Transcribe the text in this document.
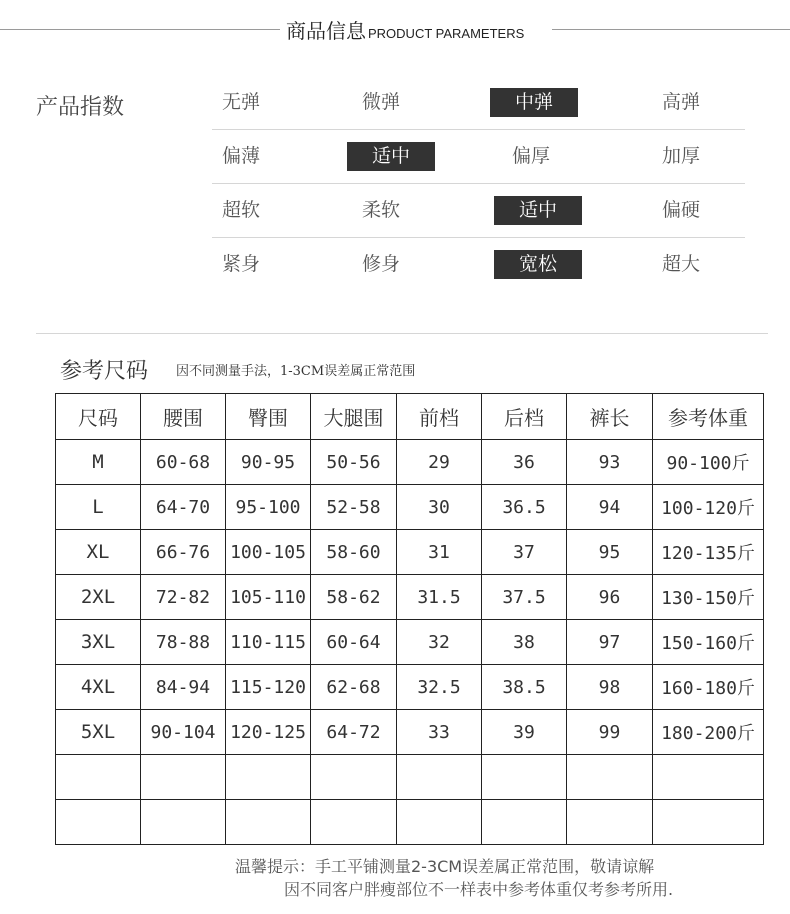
商品信息 PRODUCT PARAMETERS
产品指数	无弹	微弹	中弹	高弹
偏薄	适中	偏厚	加厚
超软	柔软	适中	偏硬
紧身	修身	宽松	超大
参考尺码 因不同测量手法，1-3CM误差属正常范围
尺码	腰围	臀围	大腿围	前档	后档	裤长	参考体重
M	60-68	90-95	50-56	29	36	93	90-100斤
L	64-70	95-100	52-58	30	36.5	94	100-120斤
XL	66-76	100-105	58-60	31	37	95	120-135斤
2XL	72-82	105-110	58-62	31.5	37.5	96	130-150斤
3XL	78-88	110-115	60-64	32	38	97	150-160斤
4XL	84-94	115-120	62-68	32.5	38.5	98	160-180斤
5XL	90-104	120-125	64-72	33	39	99	180-200斤

温馨提示：手工平铺测量2-3CM误差属正常范围，敬请谅解
因不同客户胖瘦部位不一样表中参考体重仅考参考所用.
